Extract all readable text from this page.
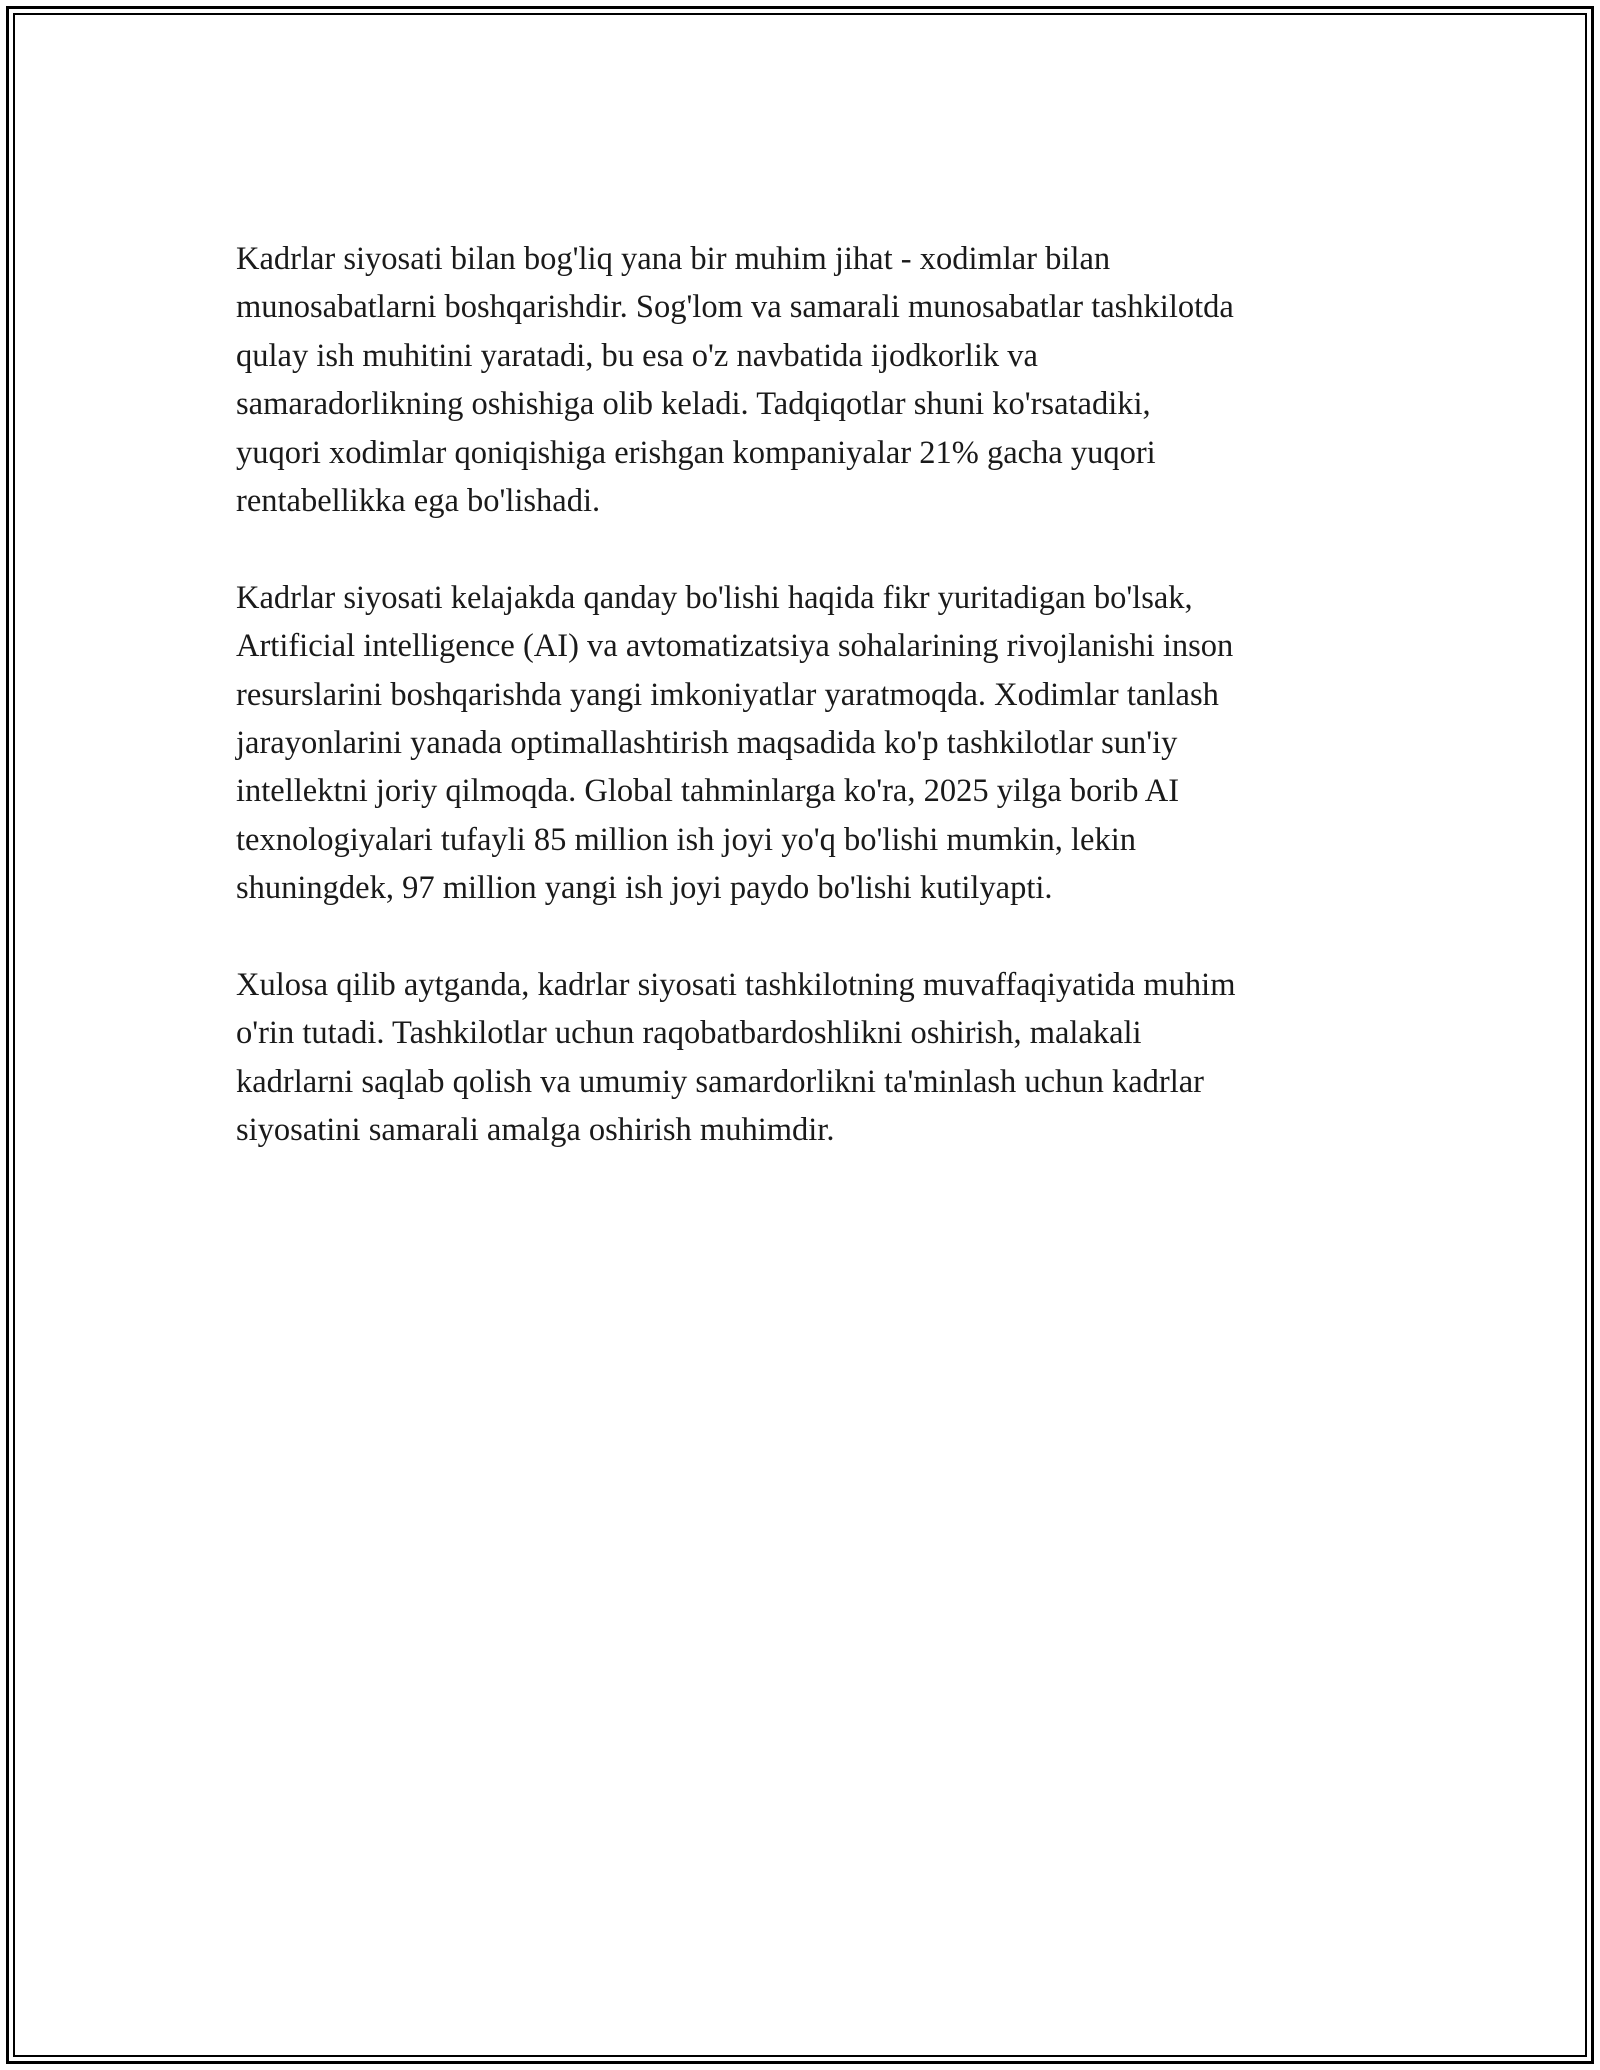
Kadrlar siyosati bilan bog'liq yana bir muhim jihat - xodimlar bilan
munosabatlarni boshqarishdir. Sog'lom va samarali munosabatlar tashkilotda
qulay ish muhitini yaratadi, bu esa o'z navbatida ijodkorlik va
samaradorlikning oshishiga olib keladi. Tadqiqotlar shuni ko'rsatadiki,
yuqori xodimlar qoniqishiga erishgan kompaniyalar 21% gacha yuqori
rentabellikka ega bo'lishadi.

Kadrlar siyosati kelajakda qanday bo'lishi haqida fikr yuritadigan bo'lsak,
Artificial intelligence (AI) va avtomatizatsiya sohalarining rivojlanishi inson
resurslarini boshqarishda yangi imkoniyatlar yaratmoqda. Xodimlar tanlash
jarayonlarini yanada optimallashtirish maqsadida ko'p tashkilotlar sun'iy
intellektni joriy qilmoqda. Global tahminlarga ko'ra, 2025 yilga borib AI
texnologiyalari tufayli 85 million ish joyi yo'q bo'lishi mumkin, lekin
shuningdek, 97 million yangi ish joyi paydo bo'lishi kutilyapti.

Xulosa qilib aytganda, kadrlar siyosati tashkilotning muvaffaqiyatida muhim
o'rin tutadi. Tashkilotlar uchun raqobatbardoshlikni oshirish, malakali
kadrlarni saqlab qolish va umumiy samardorlikni ta'minlash uchun kadrlar
siyosatini samarali amalga oshirish muhimdir.
